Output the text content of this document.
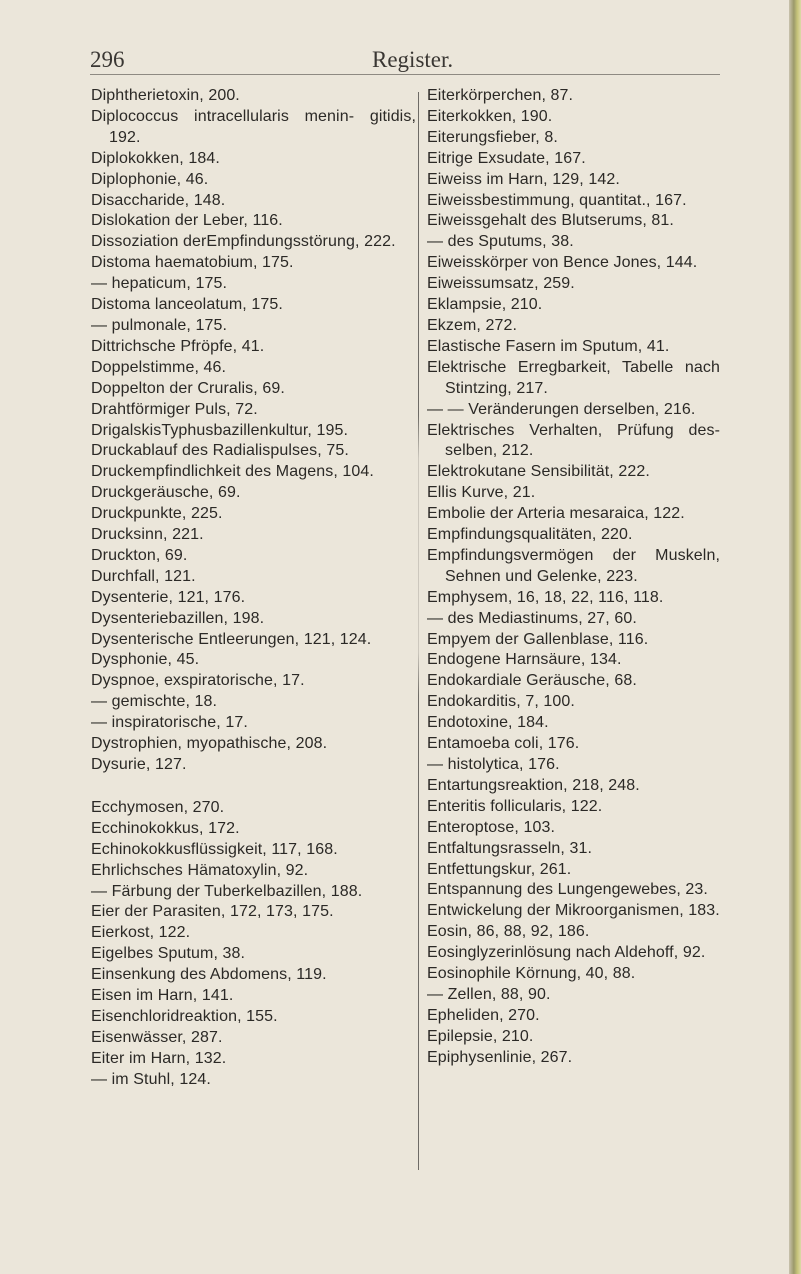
296	Register.
Diphtherietoxin, 200.
Diplococcus intracellularis menin- gitidis, 192.
Diplokokken, 184.
Diplophonie, 46.
Disaccharide, 148.
Dislokation der Leber, 116.
Dissoziation derEmpfindungsstörung, 222.
Distoma haematobium, 175.
— hepaticum, 175.
Distoma lanceolatum, 175.
— pulmonale, 175.
Dittrichsche Pfröpfe, 41.
Doppelstimme, 46.
Doppelton der Cruralis, 69.
Drahtförmiger Puls, 72.
DrigalskisTyphusbazillenkultur, 195.
Druckablauf des Radialispulses, 75.
Druckempfindlichkeit des Magens, 104.
Druckgeräusche, 69.
Druckpunkte, 225.
Drucksinn, 221.
Druckton, 69.
Durchfall, 121.
Dysenterie, 121, 176.
Dysenteriebazillen, 198.
Dysenterische Entleerungen, 121, 124.
Dysphonie, 45.
Dyspnoe, exspiratorische, 17.
— gemischte, 18.
— inspiratorische, 17.
Dystrophien, myopathische, 208.
Dysurie, 127.
Ecchymosen, 270.
Ecchinokokkus, 172.
Echinokokkusflüssigkeit, 117, 168.
Ehrlichsches Hämatoxylin, 92.
— Färbung der Tuberkelbazillen, 188.
Eier der Parasiten, 172, 173, 175.
Eierkost, 122.
Eigelbes Sputum, 38.
Einsenkung des Abdomens, 119.
Eisen im Harn, 141.
Eisenchloridreaktion, 155.
Eisenwässer, 287.
Eiter im Harn, 132.
— im Stuhl, 124.
Eiterkörperchen, 87.
Eiterkokken, 190.
Eiterungsfieber, 8.
Eitrige Exsudate, 167.
Eiweiss im Harn, 129, 142.
Eiweissbestimmung, quantitat., 167.
Eiweissgehalt des Blutserums, 81.
— des Sputums, 38.
Eiweisskörper von Bence Jones, 144.
Eiweissumsatz, 259.
Eklampsie, 210.
Ekzem, 272.
Elastische Fasern im Sputum, 41.
Elektrische Erregbarkeit, Tabelle nach Stintzing, 217.
— — Veränderungen derselben, 216.
Elektrisches Verhalten, Prüfung des- selben, 212.
Elektrokutane Sensibilität, 222.
Ellis Kurve, 21.
Embolie der Arteria mesaraica, 122.
Empfindungsqualitäten, 220.
Empfindungsvermögen der Muskeln, Sehnen und Gelenke, 223.
Emphysem, 16, 18, 22, 116, 118.
— des Mediastinums, 27, 60.
Empyem der Gallenblase, 116.
Endogene Harnsäure, 134.
Endokardiale Geräusche, 68.
Endokarditis, 7, 100.
Endotoxine, 184.
Entamoeba coli, 176.
— histolytica, 176.
Entartungsreaktion, 218, 248.
Enteritis follicularis, 122.
Enteroptose, 103.
Entfaltungsrasseln, 31.
Entfettungskur, 261.
Entspannung des Lungengewebes, 23.
Entwickelung der Mikroorganismen, 183.
Eosin, 86, 88, 92, 186.
Eosinglyzerinlösung nach Aldehoff, 92.
Eosinophile Körnung, 40, 88.
— Zellen, 88, 90.
Epheliden, 270.
Epilepsie, 210.
Epiphysenlinie, 267.
